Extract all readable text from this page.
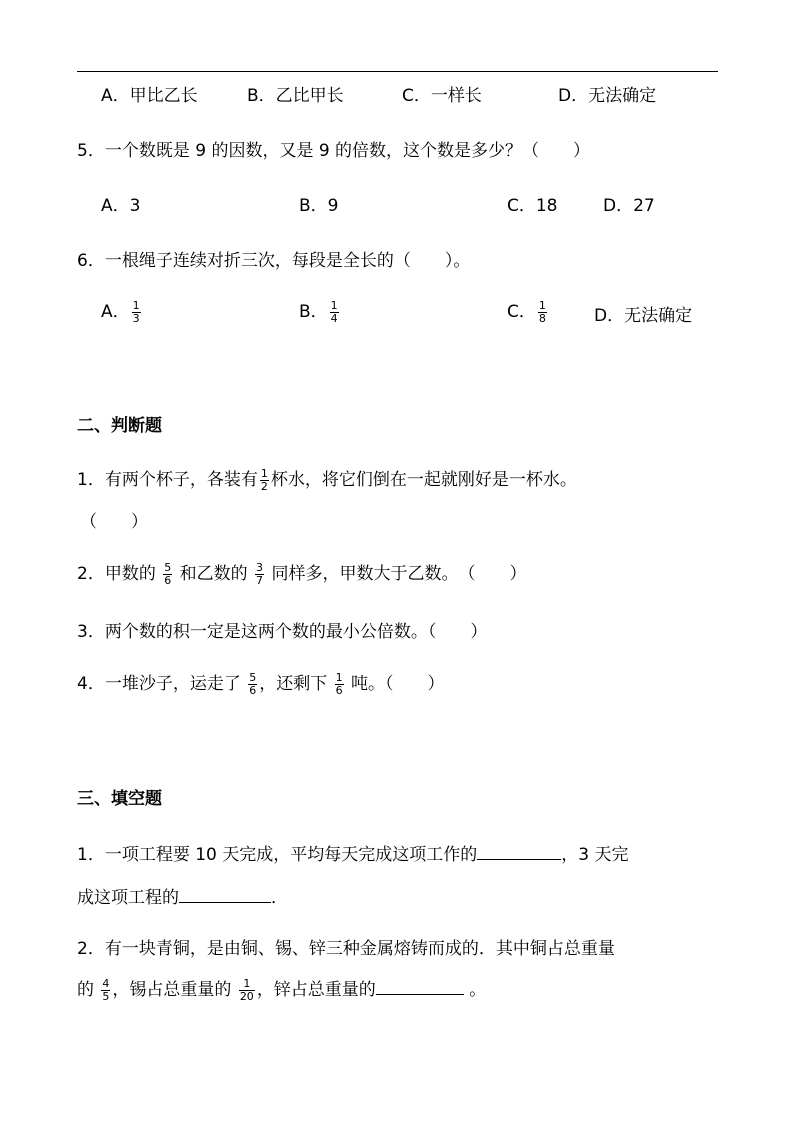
A．甲比乙长	B．乙比甲长	C．一样长	D．无法确定
5．一个数既是 9 的因数，又是 9 的倍数，这个数是多少？（　　）
A．3	B．9	C．18	D．27
6．一根绳子连续对折三次，每段是全长的（　　）。
A． $\frac{1}{3}$	B． $\frac{1}{4}$	C． $\frac{1}{8}$	D．无法确定
二、判断题
1．有两个杯子，各装有 $\frac{1}{2}$ 杯水，将它们倒在一起就刚好是一杯水。
（　　）
2．甲数的 $\frac{5}{6}$ 和乙数的 $\frac{3}{7}$ 同样多，甲数大于乙数。　（　　）
3．两个数的积一定是这两个数的最小公倍数。（　　）
4．一堆沙子，运走了 $\frac{5}{6}$ ，还剩下 $\frac{1}{6}$ 吨。（　　）
三、填空题
1．一项工程要 10 天完成，平均每天完成这项工作的	，3 天完
成这项工程的	．
2．有一块青铜，是由铜、锡、锌三种金属熔铸而成的．其中铜占总重量
的 $\frac{4}{5}$ ，锡占总重量的 $\frac{1}{20}$ ，锌占总重量的	。
